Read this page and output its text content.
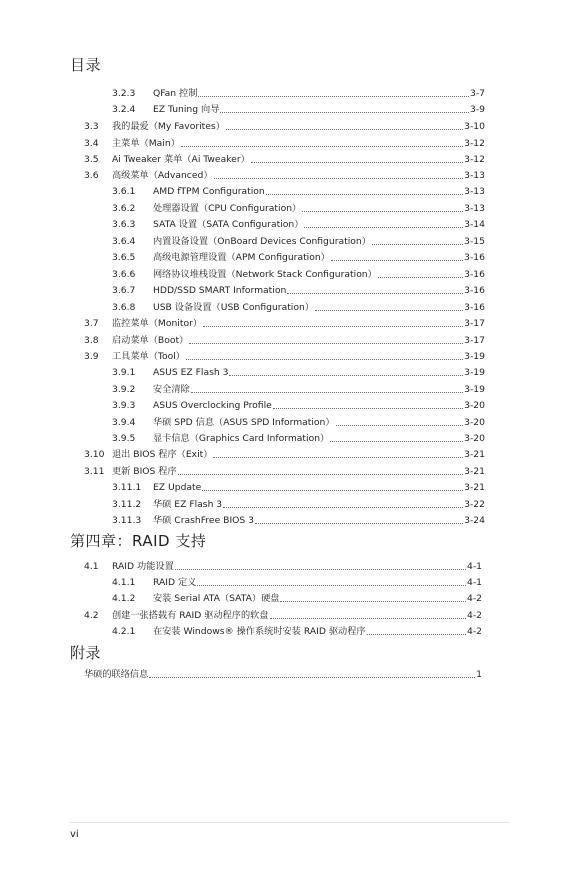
目录
第四章：RAID 支持
附录
3.2.3	QFan 控制	3-7
3.2.4	EZ Tuning 向导	3-9
3.3	我的最爱（My Favorites）	3-10
3.4	主菜单（Main）	3-12
3.5	Ai Tweaker 菜单（Ai Tweaker）	3-12
3.6	高级菜单（Advanced）	3-13
3.6.1	AMD fTPM Configuration	3-13
3.6.2	处理器设置（CPU Configuration）	3-13
3.6.3	SATA 设置（SATA Configuration）	3-14
3.6.4	内置设备设置（OnBoard Devices Configuration）	3-15
3.6.5	高级电源管理设置（APM Configuration）	3-16
3.6.6	网络协议堆栈设置（Network Stack Configuration）	3-16
3.6.7	HDD/SSD SMART Information	3-16
3.6.8	USB 设备设置（USB Configuration）	3-16
3.7	监控菜单（Monitor）	3-17
3.8	启动菜单（Boot）	3-17
3.9	工具菜单（Tool）	3-19
3.9.1	ASUS EZ Flash 3	3-19
3.9.2	安全清除	3-19
3.9.3	ASUS Overclocking Profile	3-20
3.9.4	华硕 SPD 信息（ASUS SPD Information）	3-20
3.9.5	显卡信息（Graphics Card Information）	3-20
3.10 退出 BIOS 程序（Exit）	3-21
3.11 更新 BIOS 程序	3-21
3.11.1	EZ Update	3-21
3.11.2	华硕 EZ Flash 3	3-22
3.11.3	华硕 CrashFree BIOS 3	3-24
4.1	RAID 功能设置	4-1
4.1.1	RAID 定义	4-1
4.1.2	安装 Serial ATA（SATA）硬盘	4-2
4.2	创建一张搭载有 RAID 驱动程序的软盘	4-2
4.2.1	在安装 Windows® 操作系统时安装 RAID 驱动程序	4-2
华硕的联络信息	1
vi
